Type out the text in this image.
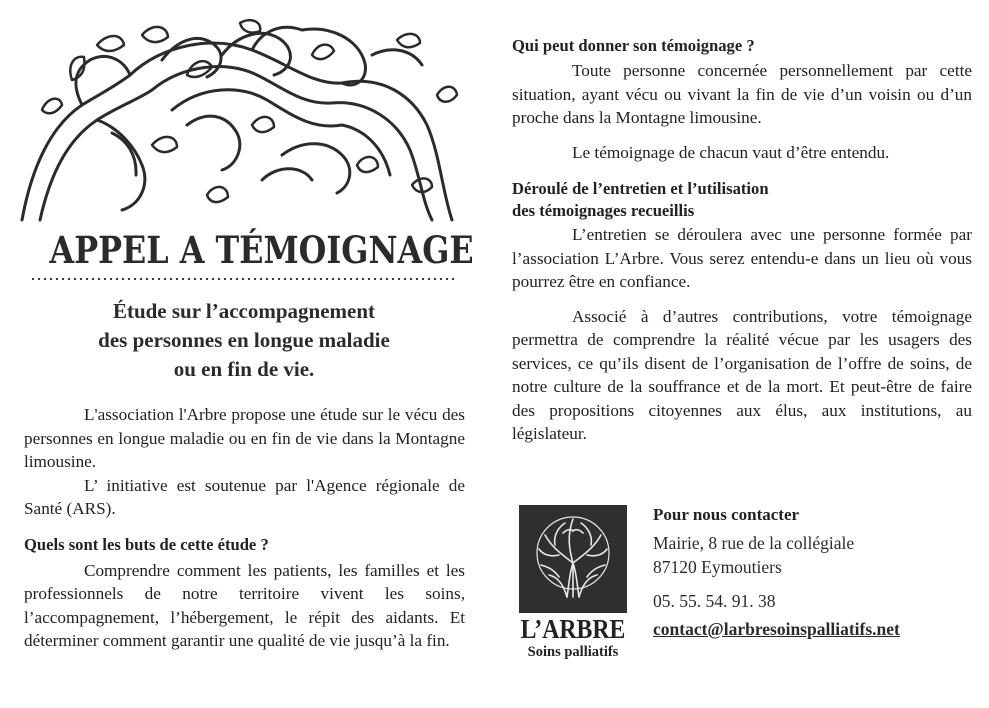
APPEL A TÉMOIGNAGE
Étude sur l’accompagnement
des personnes en longue maladie
ou en fin de vie.

L'association l'Arbre propose une étude sur le vécu des personnes en longue maladie ou en fin de vie dans la Montagne limousine.

L’ initiative est soutenue par l'Agence régionale de Santé (ARS).

Quels sont les buts de cette étude ?

Comprendre comment les patients, les familles et les professionnels de notre territoire vivent les soins, l’accompagnement, l’hébergement, le répit des aidants. Et déterminer comment garantir une qualité de vie jusqu’à la fin.

Qui peut donner son témoignage ?

Toute personne concernée personnellement par cette situation, ayant vécu ou vivant la fin de vie d’un voisin ou d’un proche dans la Montagne limousine.

Le témoignage de chacun vaut d’être entendu.

Déroulé de l’entretien et l’utilisation

des témoignages recueillis

L’entretien se déroulera avec une personne formée par l’association L’Arbre. Vous serez entendu-e dans un lieu où vous pourrez être en confiance.

Associé à d’autres contributions, votre témoignage permettra de comprendre la réalité vécue par les usagers des services, ce qu’ils disent de l’organisation de l’offre de soins, de notre culture de la souffrance et de la mort. Et peut-être de faire des propositions citoyennes aux élus, aux institutions, au législateur.

L’ARBRE
Soins palliatifs

Pour nous contacter

Mairie, 8 rue de la collégiale

87120 Eymoutiers

05. 55. 54. 91. 38

contact@larbresoinspalliatifs.net
